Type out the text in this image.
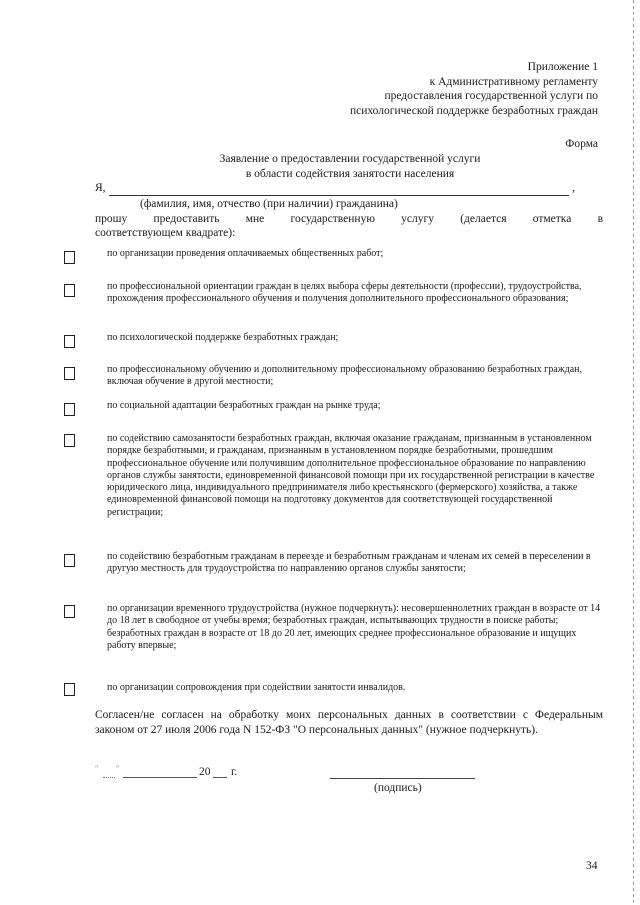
Приложение 1
к Административному регламенту
предоставления государственной услуги по
психологической поддержке безработных граждан
Форма
Заявление о предоставлении государственной услуги
в области содействия занятости населения
Я,	,
(фамилия, имя, отчество (при наличии) гражданина)
прошу предоставить мне государственную услугу (делается отметка в
соответствующем квадрате):
по организации проведения оплачиваемых общественных работ;
по профессиональной ориентации граждан в целях выбора сферы деятельности (профессии), трудоустройства, прохождения профессионального обучения и получения дополнительного профессионального образования;
по психологической поддержке безработных граждан;
по профессиональному обучению и дополнительному профессиональному образованию безработных граждан, включая обучение в другой местности;
по социальной адаптации безработных граждан на рынке труда;
по содействию самозанятости безработных граждан, включая оказание гражданам, признанным в установленном порядке безработными, и гражданам, признанным в установленном порядке безработными, прошедшим профессиональное обучение или получившим дополнительное профессиональное образование по направлению органов службы занятости, единовременной финансовой помощи при их государственной регистрации в качестве юридического лица, индивидуального предпринимателя либо крестьянского (фермерского) хозяйства, а также единовременной финансовой помощи на подготовку документов для соответствующей государственной регистрации;
по содействию безработным гражданам в переезде и безработным гражданам и членам их семей в переселении в другую местность для трудоустройства по направлению органов службы занятости;
по организации временного трудоустройства (нужное подчеркнуть): несовершеннолетних граждан в возрасте от 14 до 18 лет в свободное от учебы время; безработных граждан, испытывающих трудности в поиске работы; безработных граждан в возрасте от 18 до 20 лет, имеющих среднее профессиональное образование и ищущих работу впервые;
по организации сопровождения при содействии занятости инвалидов.
Согласен/не согласен на обработку моих персональных данных в соответствии с Федеральным законом от 27 июля 2006 года N 152-ФЗ "О персональных данных" (нужное подчеркнуть).
" "	20 г.
(подпись)
34
